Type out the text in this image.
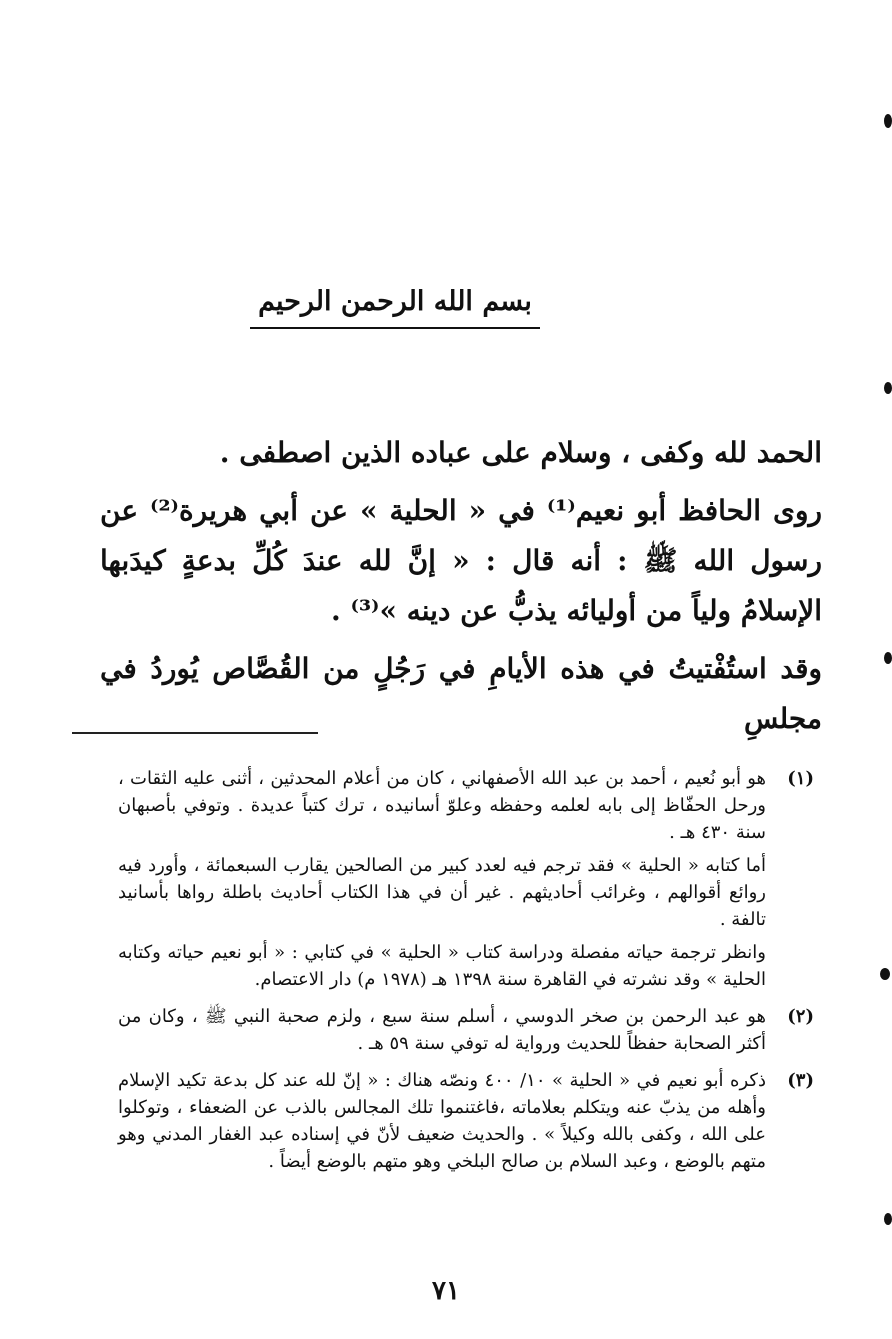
بسم الله الرحمن الرحيم

الحمد لله وكفى ، وسلام على عباده الذين اصطفى .

روى الحافظ أبو نعيم⁽¹⁾ في « الحلية » عن أبي هريرة⁽²⁾ عن رسول الله ﷺ : أنه قال : « إنَّ لله عندَ كُلِّ بدعةٍ كيدَبها الإسلامُ ولياً من أوليائه يذبُّ عن دينه »⁽³⁾ .

وقد استُفْتيتُ في هذه الأيامِ في رَجُلٍ من القُصَّاص يُوردُ في مجلسِ

(١)

هو أبو نُعيم ، أحمد بن عبد الله الأصفهاني ، كان من أعلام المحدثين ، أثنى عليه الثقات ، ورحل الحفّاظ إلى بابه لعلمه وحفظه وعلوّ أسانيده ، ترك كتباً عديدة . وتوفي بأصبهان سنة ٤٣٠ هـ .

أما كتابه « الحلية » فقد ترجم فيه لعدد كبير من الصالحين يقارب السبعمائة ، وأورد فيه روائع أقوالهم ، وغرائب أحاديثهم . غير أن في هذا الكتاب أحاديث باطلة رواها بأسانيد تالفة .

وانظر ترجمة حياته مفصلة ودراسة كتاب « الحلية » في كتابي : « أبو نعيم حياته وكتابه الحلية » وقد نشرته في القاهرة سنة ١٣٩٨ هـ (١٩٧٨ م) دار الاعتصام.

(٢)

هو عبد الرحمن بن صخر الدوسي ، أسلم سنة سبع ، ولزم صحبة النبي ﷺ ، وكان من أكثر الصحابة حفظاً للحديث ورواية له توفي سنة ٥٩ هـ .

(٣)

ذكره أبو نعيم في « الحلية » ١٠/ ٤٠٠ ونصّه هناك : « إنّ لله عند كل بدعة تكيد الإسلام وأهله من يذبّ عنه ويتكلم بعلاماته ،فاغتنموا تلك المجالس بالذب عن الضعفاء ، وتوكلوا على الله ، وكفى بالله وكيلاً » . والحديث ضعيف لأنّ في إسناده عبد الغفار المدني وهو متهم بالوضع ، وعبد السلام بن صالح البلخي وهو متهم بالوضع أيضاً .

٧١
